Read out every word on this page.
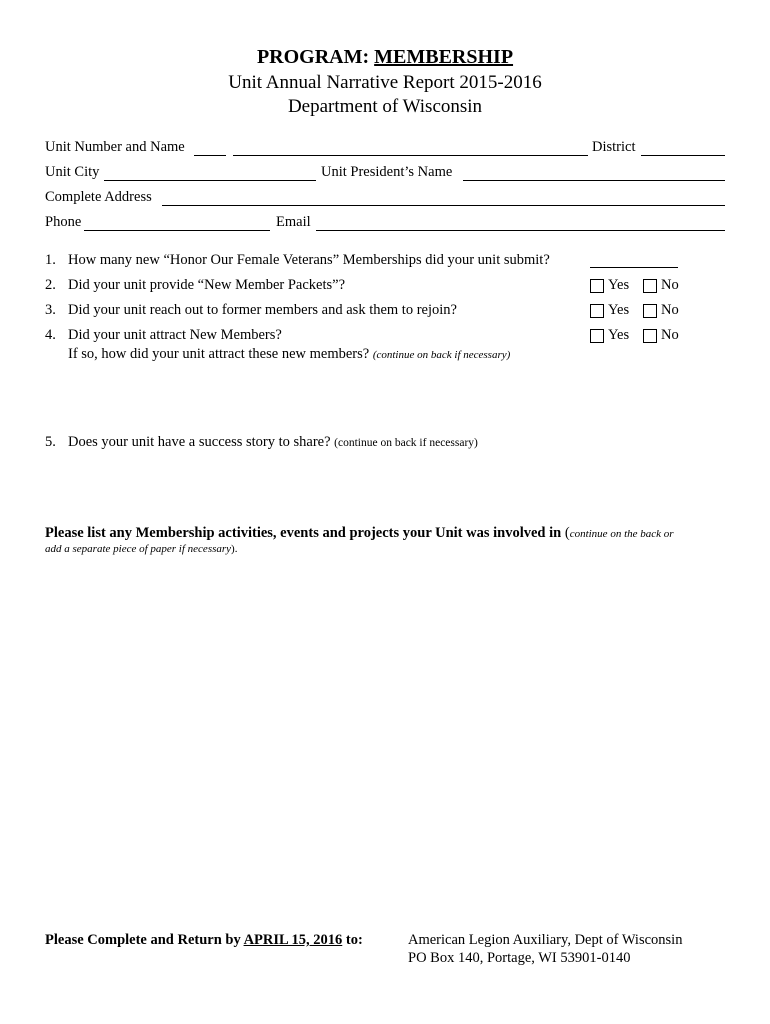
PROGRAM: MEMBERSHIP
Unit Annual Narrative Report 2015-2016
Department of Wisconsin
Unit Number and Name	District
Unit City	Unit President’s Name
Complete Address
Phone	Email
1. How many new “Honor Our Female Veterans” Memberships did your unit submit?
2. Did your unit provide “New Member Packets”?	Yes No
3. Did your unit reach out to former members and ask them to rejoin?	Yes No
4. Did your unit attract New Members?	Yes No
If so, how did your unit attract these new members? (continue on back if necessary)
5. Does your unit have a success story to share? (continue on back if necessary)
Please list any Membership activities, events and projects your Unit was involved in (continue on the back or
add a separate piece of paper if necessary).
Please Complete and Return by APRIL 15, 2016 to:	American Legion Auxiliary, Dept of Wisconsin
PO Box 140, Portage, WI 53901-0140
